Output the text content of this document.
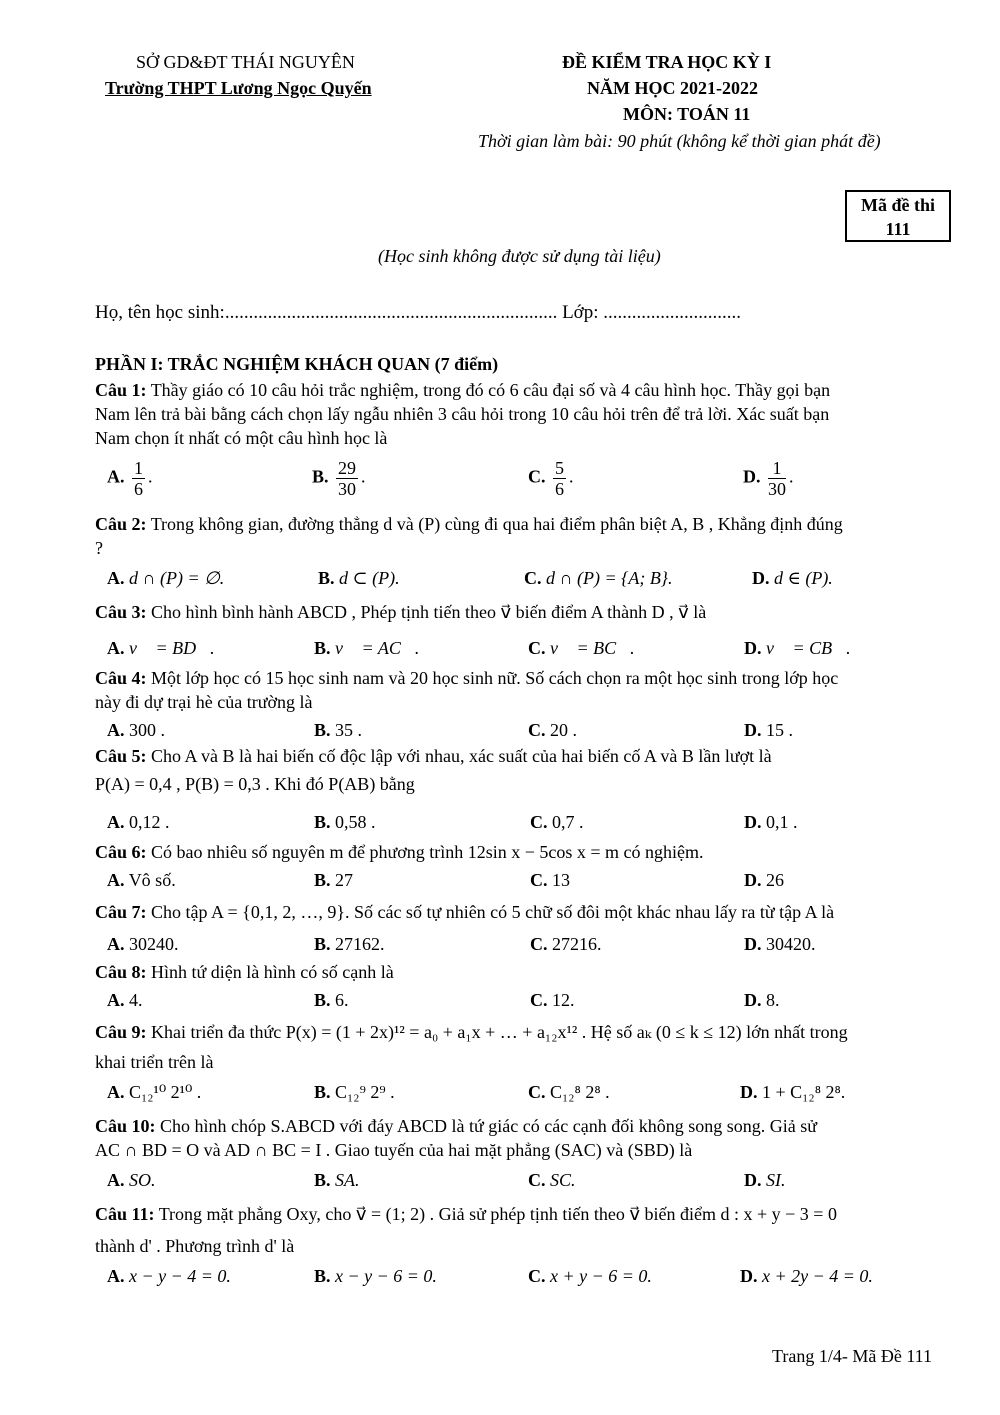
SỞ GD&ĐT THÁI NGUYÊN
Trường THPT Lương Ngọc Quyến
ĐỀ KIỂM TRA HỌC KỲ I
NĂM HỌC 2021-2022
MÔN: TOÁN 11
Thời gian làm bài: 90 phút (không kể thời gian phát đề)
Mã đề thi
111
(Học sinh không được sử dụng tài liệu)
Họ, tên học sinh:...................................................................... Lớp: .............................
PHẦN I: TRẮC NGHIỆM KHÁCH QUAN (7 điểm)
Câu 1: Thầy giáo có 10 câu hỏi trắc nghiệm, trong đó có 6 câu đại số và 4 câu hình học. Thầy gọi bạn
Nam lên trả bài bằng cách chọn lấy ngẫu nhiên 3 câu hỏi trong 10 câu hỏi trên để trả lời. Xác suất bạn
Nam chọn ít nhất có một câu hình học là
A. $\frac{1}{6}$ .	B. $\frac{29}{30}$ .	C. $\frac{5}{6}$ .	D. $\frac{1}{30}$ .
Câu 2: Trong không gian, đường thẳng d và (P) cùng đi qua hai điểm phân biệt A, B , Khẳng định đúng
?
A. d ∩ (P) = ∅.	B. d ⊂ (P).	C. d ∩ (P) = {A; B}.	D. d ∈ (P).
Câu 3: Cho hình bình hành ABCD , Phép tịnh tiến theo v⃗ biến điểm A thành D , v⃗ là
A. v⃗ = BD⃗.	B. v⃗ = AC⃗.	C. v⃗ = BC⃗.	D. v⃗ = CB⃗.
Câu 4: Một lớp học có 15 học sinh nam và 20 học sinh nữ. Số cách chọn ra một học sinh trong lớp học
này đi dự trại hè của trường là
A. 300 .	B. 35 .	C. 20 .	D. 15 .
Câu 5: Cho A và B là hai biến cố độc lập với nhau, xác suất của hai biến cố A và B lần lượt là
P(A) = 0,4 , P(B) = 0,3 . Khi đó P(AB) bằng
A. 0,12 .	B. 0,58 .	C. 0,7 .	D. 0,1 .
Câu 6: Có bao nhiêu số nguyên m để phương trình 12sin x − 5cos x = m có nghiệm.
A. Vô số.	B. 27	C. 13	D. 26
Câu 7: Cho tập A = {0,1, 2, …, 9}. Số các số tự nhiên có 5 chữ số đôi một khác nhau lấy ra từ tập A là
A. 30240.	B. 27162.	C. 27216.	D. 30420.
Câu 8: Hình tứ diện là hình có số cạnh là
A. 4.	B. 6.	C. 12.	D. 8.
Câu 9: Khai triển đa thức P(x) = (1 + 2x)¹² = a₀ + a₁x + … + a₁₂x¹² . Hệ số aₖ (0 ≤ k ≤ 12) lớn nhất trong
khai triển trên là
A. C₁₂¹⁰ 2¹⁰ .	B. C₁₂⁹ 2⁹ .	C. C₁₂⁸ 2⁸ .	D. 1 + C₁₂⁸ 2⁸.
Câu 10: Cho hình chóp S.ABCD với đáy ABCD là tứ giác có các cạnh đối không song song. Giả sử
AC ∩ BD = O và AD ∩ BC = I . Giao tuyến của hai mặt phẳng (SAC) và (SBD) là
A. SO.	B. SA.	C. SC.	D. SI.
Câu 11: Trong mặt phẳng Oxy, cho v⃗ = (1; 2) . Giả sử phép tịnh tiến theo v⃗ biến điểm d : x + y − 3 = 0
thành d' . Phương trình d' là
A. x − y − 4 = 0.	B. x − y − 6 = 0.	C. x + y − 6 = 0.	D. x + 2y − 4 = 0.
Trang 1/4- Mã Đề 111
